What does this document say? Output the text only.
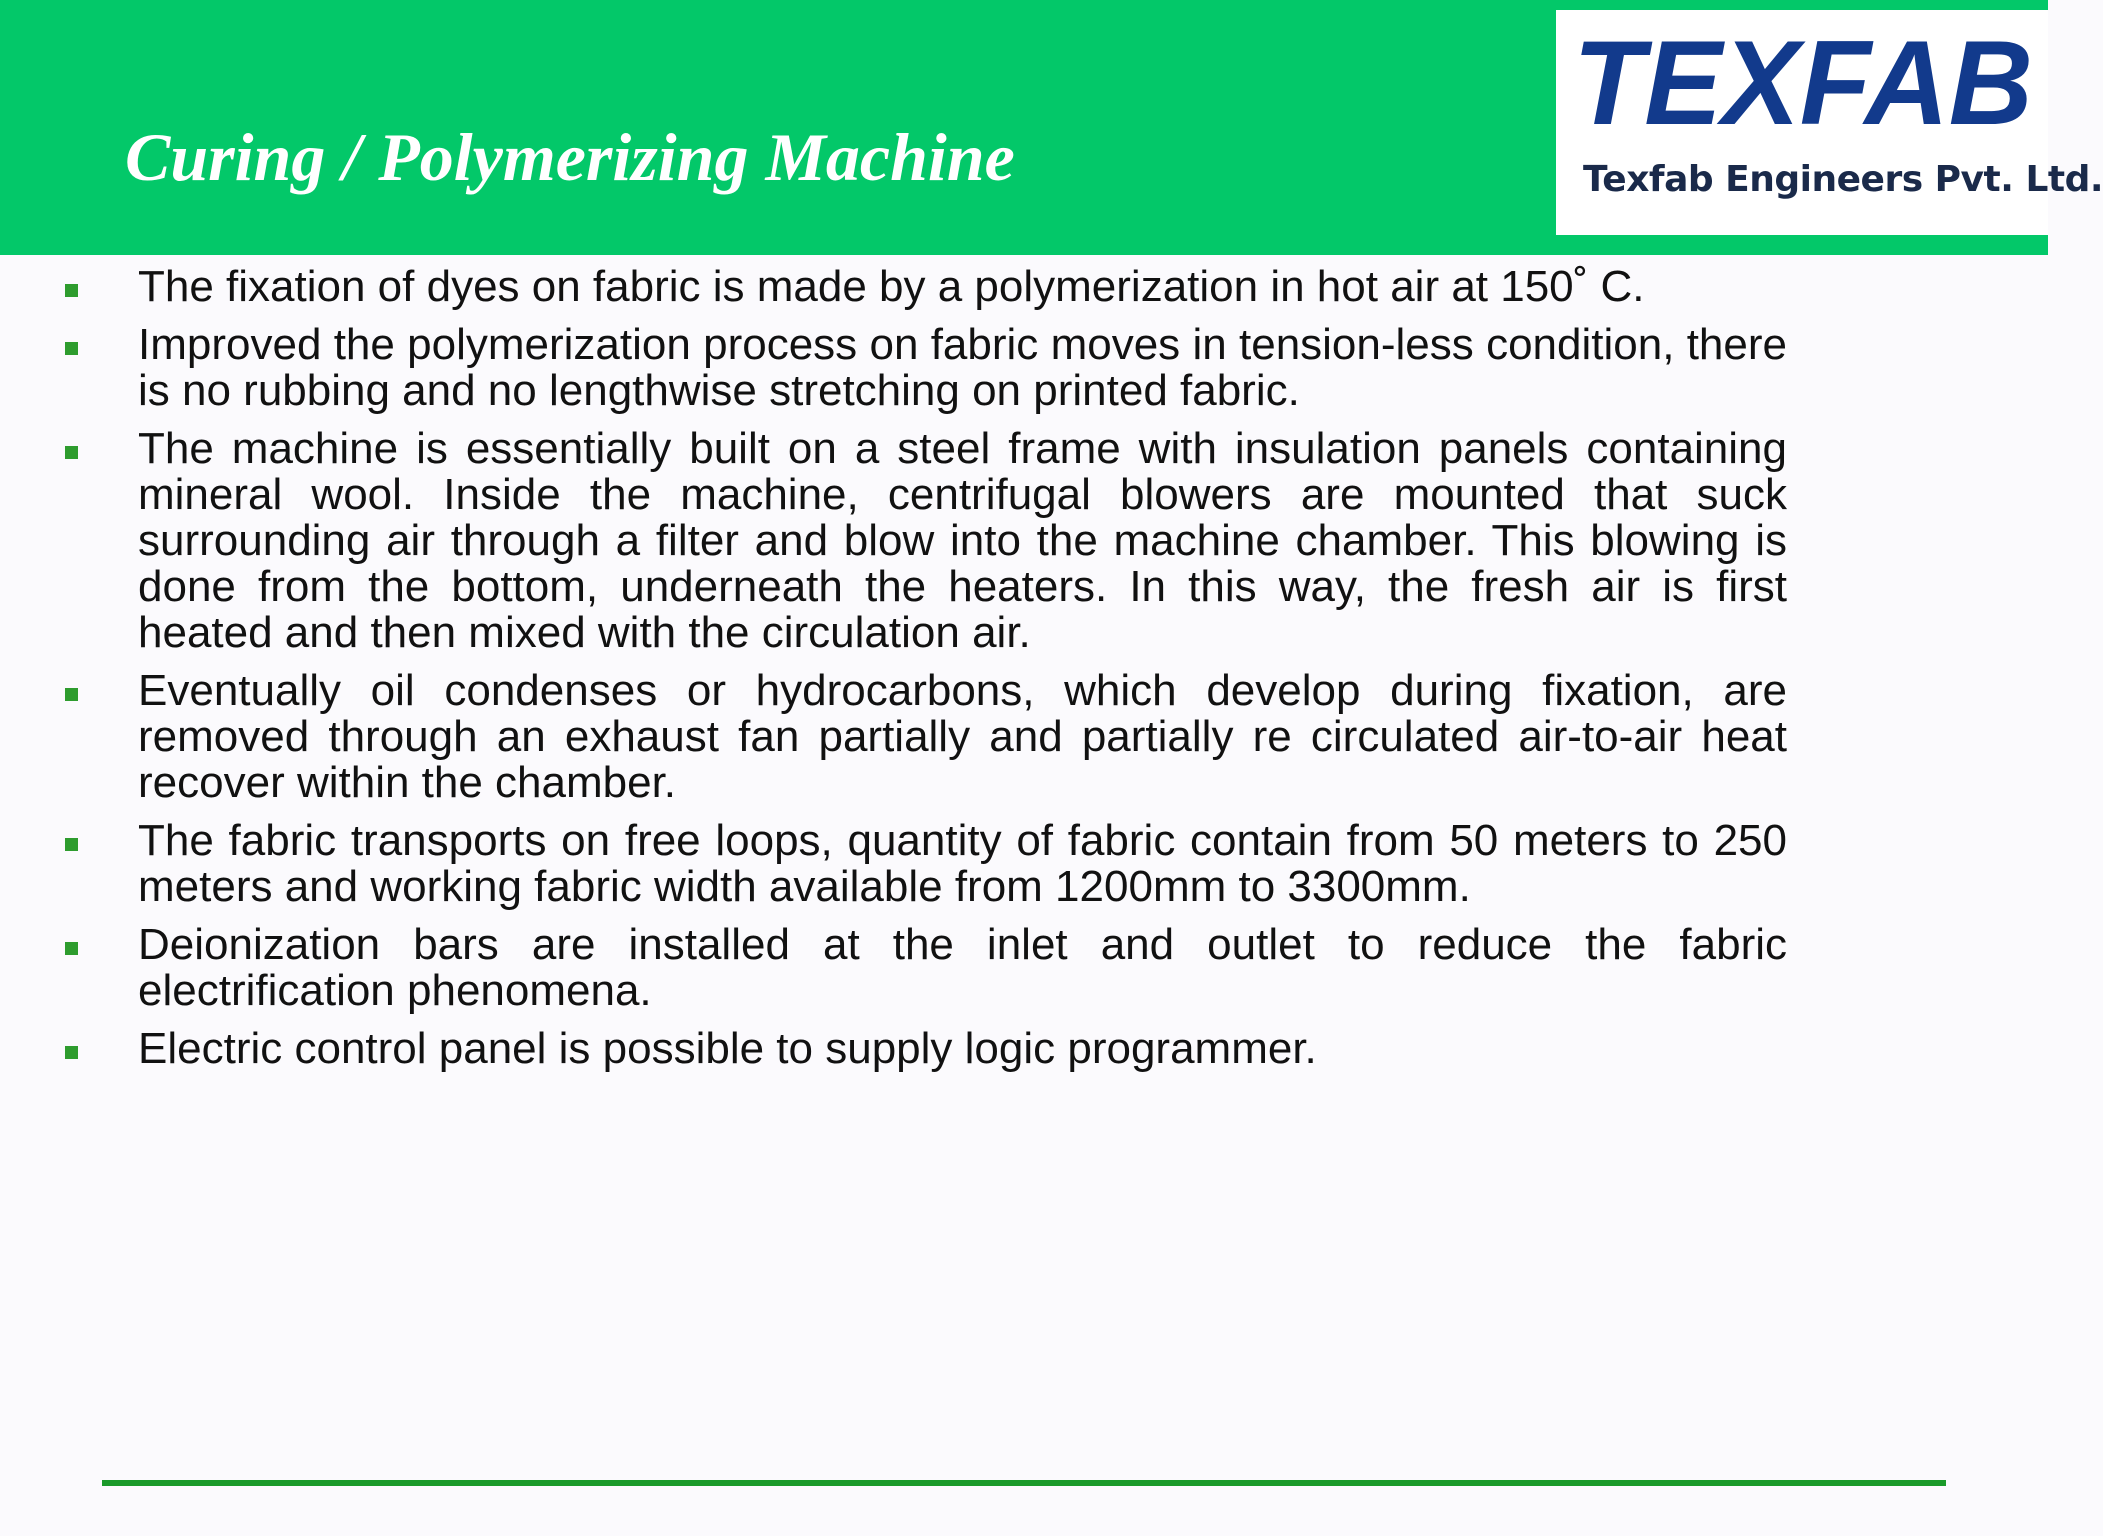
Curing / Polymerizing Machine
TEXFAB
Texfab Engineers Pvt. Ltd.
The fixation of dyes on fabric is made by a polymerization in hot air at 150˚ C.
Improved the polymerization process on fabric moves in tension-less condition, there is no rubbing and no lengthwise stretching on printed fabric.
The machine is essentially built on a steel frame with insulation panels containing mineral wool. Inside the machine, centrifugal blowers are mounted that suck surrounding air through a filter and blow into the machine chamber. This blowing is done from the bottom, underneath the heaters. In this way, the fresh air is first heated and then mixed with the circulation air.
Eventually oil condenses or hydrocarbons, which develop during fixation, are removed through an exhaust fan partially and partially re circulated air-to-air heat recover within the chamber.
The fabric transports on free loops, quantity of fabric contain from 50 meters to 250 meters and working fabric width available from 1200mm to 3300mm.
Deionization bars are installed at the inlet and outlet to reduce the fabric electrification phenomena.
Electric control panel is possible to supply logic programmer.
